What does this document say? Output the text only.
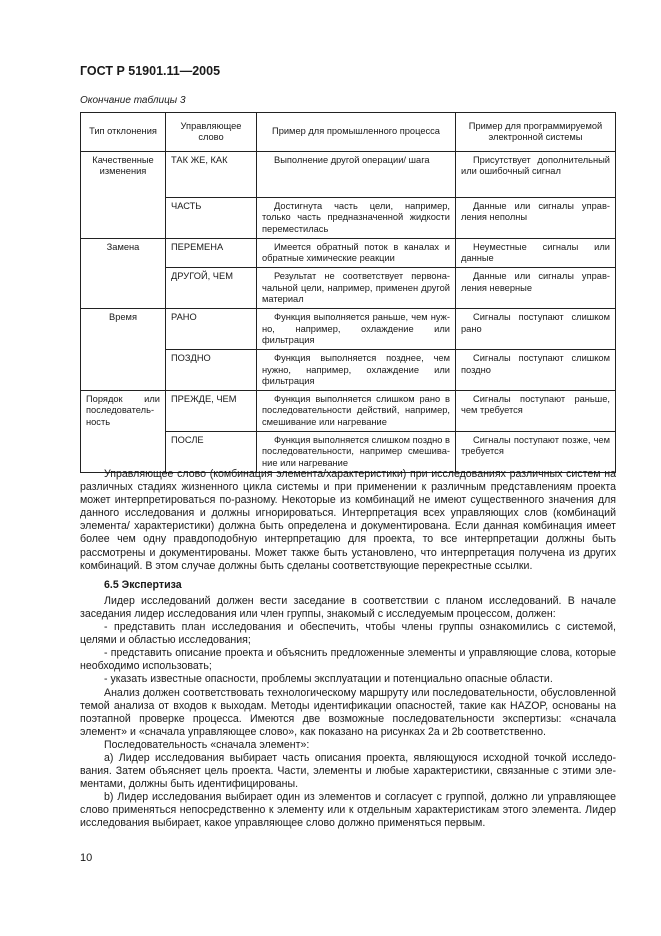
ГОСТ Р 51901.11—2005
Окончание таблицы 3
Тип отклонения	Управляющее слово	Пример для промышленного процесса	Пример для программируемой электронной системы
Качественные изменения	ТАК ЖЕ, КАК	Выполнение другой операции/ шага	Присутствует дополнительный или ошибочный сигнал
	ЧАСТЬ	Достигнута часть цели, например, только часть предназначенной жидкости переместилась	Данные или сигналы управления неполны
Замена	ПЕРЕМЕНА	Имеется обратный поток в каналах и обратные химические реакции	Неуместные сигналы или данные
	ДРУГОЙ, ЧЕМ	Результат не соответствует первоначальной цели, например, применен другой материал	Данные или сигналы управления неверные
Время	РАНО	Функция выполняется раньше, чем нужно, например, охлаждение или фильтрация	Сигналы поступают слишком рано
	ПОЗДНО	Функция выполняется позднее, чем нужно, например, охлаждение или фильтрация	Сигналы поступают слишком поздно
Порядок или последовательность	ПРЕЖДЕ, ЧЕМ	Функция выполняется слишком рано в последовательности действий, например, смешивание или нагревание	Сигналы поступают раньше, чем требуется
	ПОСЛЕ	Функция выполняется слишком поздно в последовательности, например смешивание или нагревание	Сигналы поступают позже, чем требуется

Управляющее слово (комбинация элемента/характеристики) при исследованиях различных систем на различных стадиях жизненного цикла системы и при применении к различным представлениям проекта может интерпретироваться по-разному. Некоторые из комбинаций не имеют существенного значения для данного исследования и должны игнорироваться. Интерпретация всех управляющих слов (комбинаций элемента/ характеристики) должна быть определена и документирована. Если данная комбинация имеет более чем одну правдоподобную интерпретацию для проекта, то все интерпретации должны быть рассмотрены и документированы. Может также быть установлено, что интерпретация получена из других комбинаций. В этом случае должны быть сделаны соответствующие перекрестные ссылки.

6.5 Экспертиза

Лидер исследований должен вести заседание в соответствии с планом исследований. В начале заседания лидер исследования или член группы, знакомый с исследуемым процессом, должен:

- представить план исследования и обеспечить, чтобы члены группы ознакомились с системой, целями и областью исследования;

- представить описание проекта и объяснить предложенные элементы и управляющие слова, которые необходимо использовать;

- указать известные опасности, проблемы эксплуатации и потенциально опасные области.

Анализ должен соответствовать технологическому маршруту или последовательности, обусловленной темой анализа от входов к выходам. Методы идентификации опасностей, такие как HAZOP, основаны на поэтапной проверке процесса. Имеются две возможные последовательности экспертизы: «сначала элемент» и «сначала управляющее слово», как показано на рисунках 2а и 2b соответственно.

Последовательность «сначала элемент»:

a) Лидер исследования выбирает часть описания проекта, являющуюся исходной точкой исследования. Затем объясняет цель проекта. Части, элементы и любые характеристики, связанные с этими элементами, должны быть идентифицированы.

b) Лидер исследования выбирает один из элементов и согласует с группой, должно ли управляющее слово применяться непосредственно к элементу или к отдельным характеристикам этого элемента. Лидер исследования выбирает, какое управляющее слово должно применяться первым.

10
